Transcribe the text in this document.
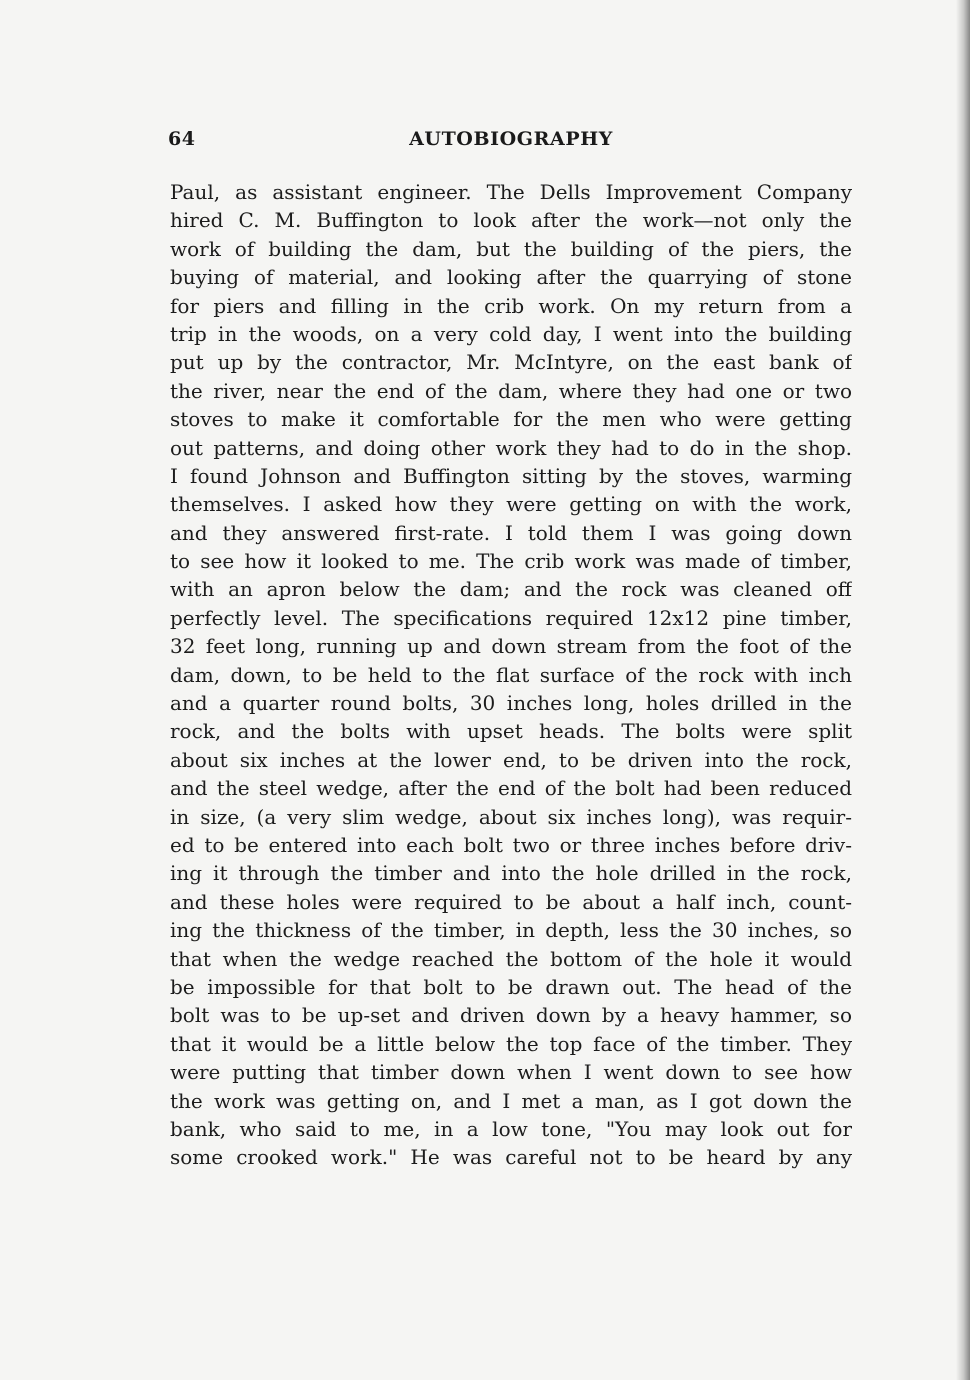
64	AUTOBIOGRAPHY
Paul, as assistant engineer. The Dells Improvement Company
hired C. M. Buffington to look after the work—not only the
work of building the dam, but the building of the piers, the
buying of material, and looking after the quarrying of stone
for piers and filling in the crib work. On my return from a
trip in the woods, on a very cold day, I went into the building
put up by the contractor, Mr. McIntyre, on the east bank of
the river, near the end of the dam, where they had one or two
stoves to make it comfortable for the men who were getting
out patterns, and doing other work they had to do in the shop.
I found Johnson and Buffington sitting by the stoves, warming
themselves. I asked how they were getting on with the work,
and they answered first-rate. I told them I was going down
to see how it looked to me. The crib work was made of timber,
with an apron below the dam; and the rock was cleaned off
perfectly level. The specifications required 12x12 pine timber,
32 feet long, running up and down stream from the foot of the
dam, down, to be held to the flat surface of the rock with inch
and a quarter round bolts, 30 inches long, holes drilled in the
rock, and the bolts with upset heads. The bolts were split
about six inches at the lower end, to be driven into the rock,
and the steel wedge, after the end of the bolt had been reduced
in size, (a very slim wedge, about six inches long), was requir-
ed to be entered into each bolt two or three inches before driv-
ing it through the timber and into the hole drilled in the rock,
and these holes were required to be about a half inch, count-
ing the thickness of the timber, in depth, less the 30 inches, so
that when the wedge reached the bottom of the hole it would
be impossible for that bolt to be drawn out. The head of the
bolt was to be up-set and driven down by a heavy hammer, so
that it would be a little below the top face of the timber. They
were putting that timber down when I went down to see how
the work was getting on, and I met a man, as I got down the
bank, who said to me, in a low tone, "You may look out for
some crooked work." He was careful not to be heard by any
